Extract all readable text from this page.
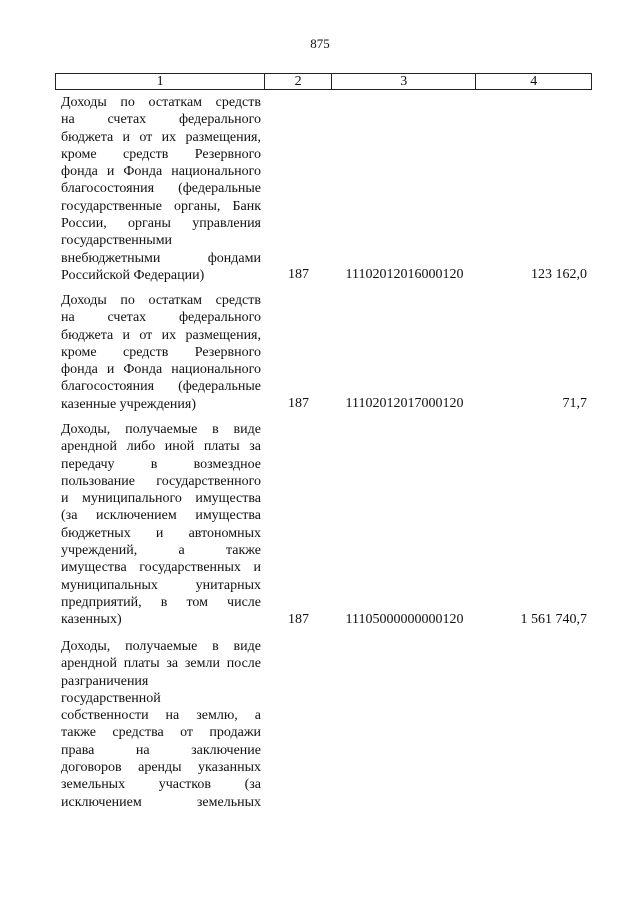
875
1	2	3	4
Доходы по остаткам средств
на счетах федерального
бюджета и от их размещения,
кроме средств Резервного
фонда и Фонда национального
благосостояния (федеральные
государственные органы, Банк
России, органы управления
государственными
внебюджетными фондами
Российской Федерации)	187	11102012016000120	123 162,0
Доходы по остаткам средств
на счетах федерального
бюджета и от их размещения,
кроме средств Резервного
фонда и Фонда национального
благосостояния (федеральные
казенные учреждения)	187	11102012017000120	71,7
Доходы, получаемые в виде
арендной либо иной платы за
передачу в возмездное
пользование государственного
и муниципального имущества
(за исключением имущества
бюджетных и автономных
учреждений, а также
имущества государственных и
муниципальных унитарных
предприятий, в том числе
казенных)	187	11105000000000120	1 561 740,7
Доходы, получаемые в виде
арендной платы за земли после
разграничения
государственной
собственности на землю, а
также средства от продажи
права на заключение
договоров аренды указанных
земельных участков (за
исключением земельных
